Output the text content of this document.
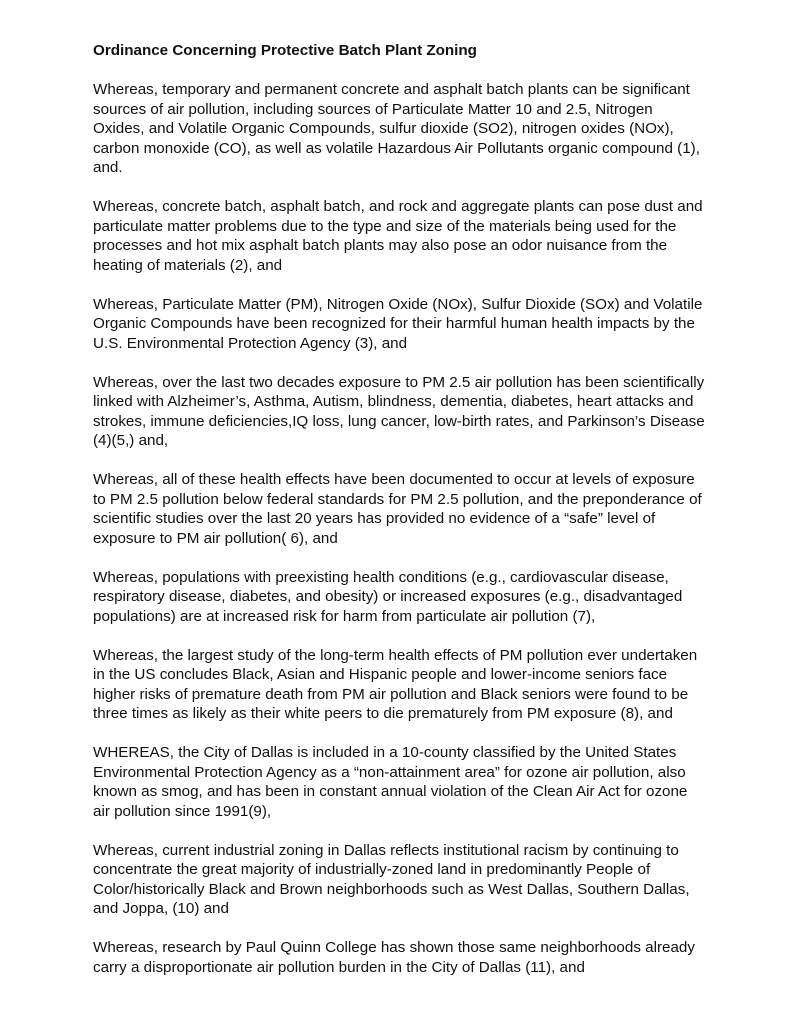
Ordinance Concerning Protective Batch Plant Zoning

Whereas, temporary and permanent concrete and asphalt batch plants can be significant sources of air pollution, including sources of Particulate Matter 10 and 2.5, Nitrogen Oxides, and Volatile Organic Compounds, sulfur dioxide (SO2), nitrogen oxides (NOx), carbon monoxide (CO), as well as volatile Hazardous Air Pollutants organic compound (1), and.

Whereas, concrete batch, asphalt batch, and rock and aggregate plants can pose dust and particulate matter problems due to the type and size of the materials being used for the processes and hot mix asphalt batch plants may also pose an odor nuisance from the heating of materials (2), and

Whereas, Particulate Matter (PM), Nitrogen Oxide (NOx), Sulfur Dioxide (SOx) and Volatile Organic Compounds have been recognized for their harmful human health impacts by the U.S. Environmental Protection Agency (3), and

Whereas, over the last two decades exposure to PM 2.5 air pollution has been scientifically linked with Alzheimer’s, Asthma, Autism, blindness, dementia, diabetes, heart attacks and strokes, immune deficiencies,IQ loss, lung cancer, low-birth rates, and Parkinson’s Disease (4)(5,) and,

Whereas, all of these health effects have been documented to occur at levels of exposure to PM 2.5 pollution below federal standards for PM 2.5 pollution, and the preponderance of scientific studies over the last 20 years has provided no evidence of a “safe” level of exposure to PM air pollution( 6), and

Whereas, populations with preexisting health conditions (e.g., cardiovascular disease, respiratory disease, diabetes, and obesity) or increased exposures (e.g., disadvantaged populations) are at increased risk for harm from particulate air pollution (7),

Whereas, the largest study of the long-term health effects of PM pollution ever undertaken in the US concludes Black, Asian and Hispanic people and lower-income seniors face higher risks of premature death from PM air pollution and Black seniors were found to be three times as likely as their white peers to die prematurely from PM exposure (8), and

WHEREAS, the City of Dallas is included in a 10-county classified by the United States Environmental Protection Agency as a “non-attainment area” for ozone air pollution, also known as smog, and has been in constant annual violation of the Clean Air Act for ozone air pollution since 1991(9),

Whereas, current industrial zoning in Dallas reflects institutional racism by continuing to concentrate the great majority of industrially-zoned land in predominantly People of Color/historically Black and Brown neighborhoods such as West Dallas, Southern Dallas, and Joppa, (10) and

Whereas, research by Paul Quinn College has shown those same neighborhoods already carry a disproportionate air pollution burden in the City of Dallas (11), and
